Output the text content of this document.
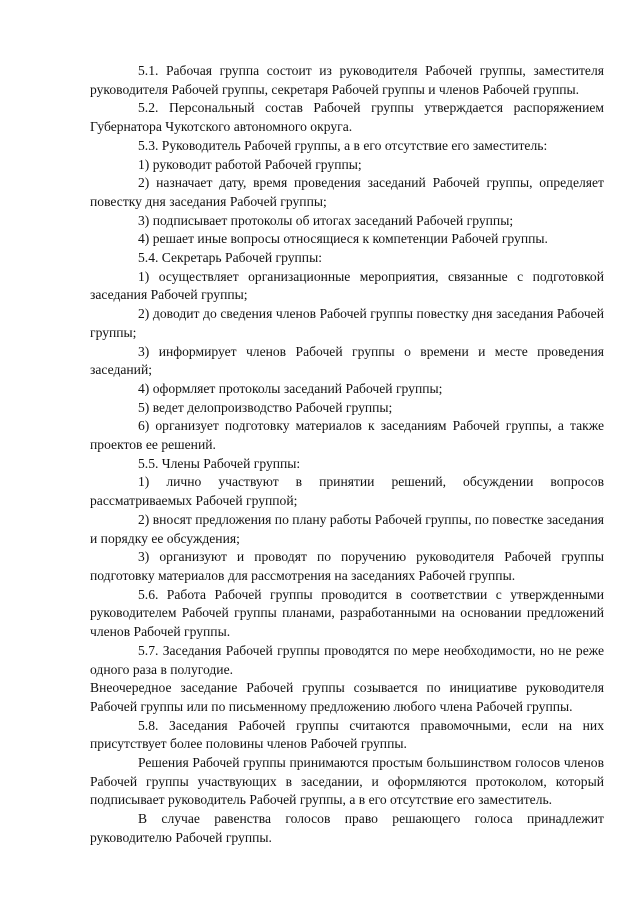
5.1. Рабочая группа состоит из руководителя Рабочей группы, заместителя руководителя Рабочей группы, секретаря Рабочей группы и членов Рабочей группы.

5.2. Персональный состав Рабочей группы утверждается распоряжением Губернатора Чукотского автономного округа.

5.3. Руководитель Рабочей группы, а в его отсутствие его заместитель:

1) руководит работой Рабочей группы;

2) назначает дату, время проведения заседаний Рабочей группы, определяет повестку дня заседания Рабочей группы;

3) подписывает протоколы об итогах заседаний Рабочей группы;

4) решает иные вопросы относящиеся к компетенции Рабочей группы.

5.4. Секретарь Рабочей группы:

1) осуществляет организационные мероприятия, связанные с подготовкой заседания Рабочей группы;

2) доводит до сведения членов Рабочей группы повестку дня заседания Рабочей группы;

3) информирует членов Рабочей группы о времени и месте проведения заседаний;

4) оформляет протоколы заседаний Рабочей группы;

5) ведет делопроизводство Рабочей группы;

6) организует подготовку материалов к заседаниям Рабочей группы, а также проектов ее решений.

5.5. Члены Рабочей группы:

1) лично участвуют в принятии решений, обсуждении вопросов рассматриваемых Рабочей группой;

2) вносят предложения по плану работы Рабочей группы, по повестке заседания и порядку ее обсуждения;

3) организуют и проводят по поручению руководителя Рабочей группы подготовку материалов для рассмотрения на заседаниях Рабочей группы.

5.6. Работа Рабочей группы проводится в соответствии с утвержденными руководителем Рабочей группы планами, разработанными на основании предложений членов Рабочей группы.

5.7. Заседания Рабочей группы проводятся по мере необходимости, но не реже одного раза в полугодие.

Внеочередное заседание Рабочей группы созывается по инициативе руководителя Рабочей группы или по письменному предложению любого члена Рабочей группы.

5.8. Заседания Рабочей группы считаются правомочными, если на них присутствует более половины членов Рабочей группы.

Решения Рабочей группы принимаются простым большинством голосов членов Рабочей группы участвующих в заседании, и оформляются протоколом, который подписывает руководитель Рабочей группы, а в его отсутствие его заместитель.

В случае равенства голосов право решающего голоса принадлежит руководителю Рабочей группы.
